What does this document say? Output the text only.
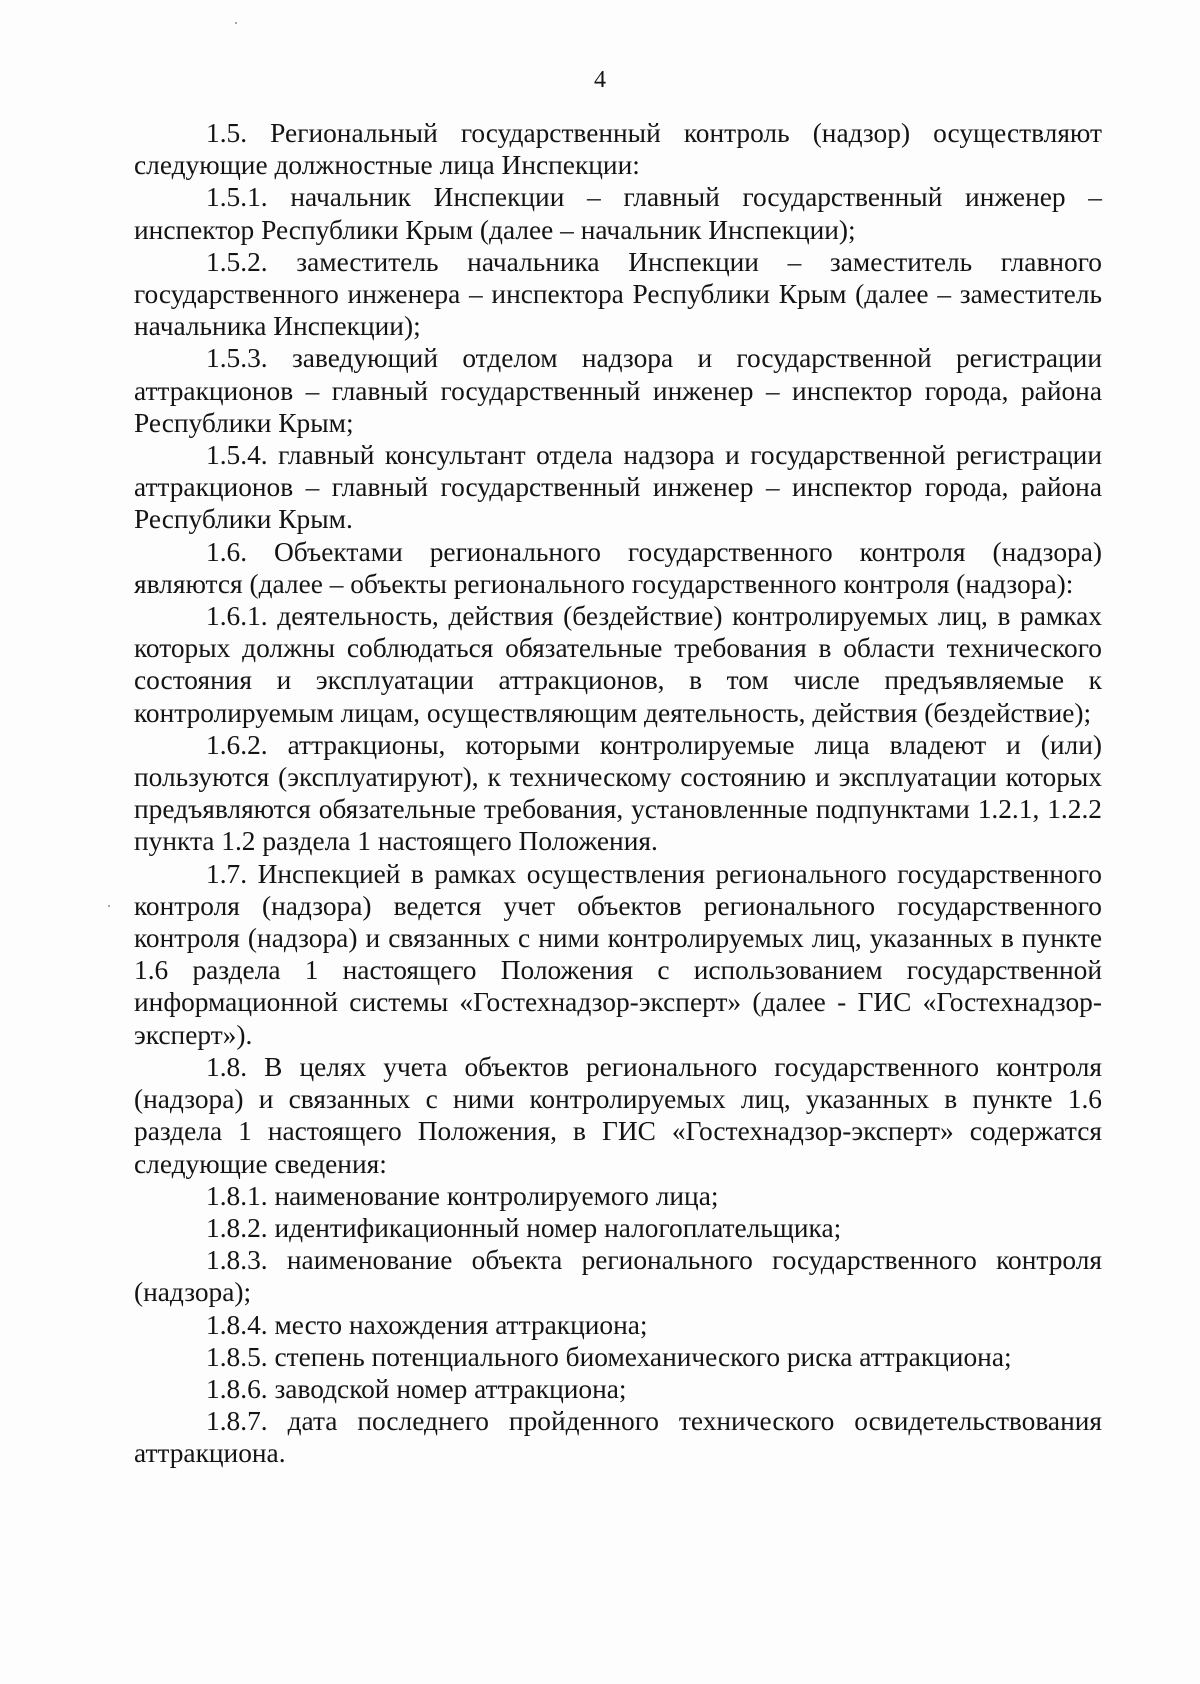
4

1.5. Региональный государственный контроль (надзор) осуществляют следующие должностные лица Инспекции:

1.5.1. начальник Инспекции – главный государственный инженер – инспектор Республики Крым (далее – начальник Инспекции);

1.5.2. заместитель начальника Инспекции – заместитель главного государственного инженера – инспектора Республики Крым (далее – заместитель начальника Инспекции);

1.5.3. заведующий отделом надзора и государственной регистрации аттракционов – главный государственный инженер – инспектор города, района Республики Крым;

1.5.4. главный консультант отдела надзора и государственной регистрации аттракционов – главный государственный инженер – инспектор города, района Республики Крым.

1.6. Объектами регионального государственного контроля (надзора) являются (далее – объекты регионального государственного контроля (надзора):

1.6.1. деятельность, действия (бездействие) контролируемых лиц, в рамках которых должны соблюдаться обязательные требования в области технического состояния и эксплуатации аттракционов, в том числе предъявляемые к контролируемым лицам, осуществляющим деятельность, действия (бездействие);

1.6.2. аттракционы, которыми контролируемые лица владеют и (или) пользуются (эксплуатируют), к техническому состоянию и эксплуатации которых предъявляются обязательные требования, установленные подпунктами 1.2.1, 1.2.2 пункта 1.2 раздела 1 настоящего Положения.

1.7. Инспекцией в рамках осуществления регионального государственного контроля (надзора) ведется учет объектов регионального государственного контроля (надзора) и связанных с ними контролируемых лиц, указанных в пункте 1.6 раздела 1 настоящего Положения с использованием государственной информационной системы «Гостехнадзор-эксперт» (далее - ГИС «Гостехнадзор-эксперт»).

1.8. В целях учета объектов регионального государственного контроля (надзора) и связанных с ними контролируемых лиц, указанных в пункте 1.6 раздела 1 настоящего Положения, в ГИС «Гостехнадзор-эксперт» содержатся следующие сведения:

1.8.1. наименование контролируемого лица;

1.8.2. идентификационный номер налогоплательщика;

1.8.3. наименование объекта регионального государственного контроля (надзора);

1.8.4. место нахождения аттракциона;

1.8.5. степень потенциального биомеханического риска аттракциона;

1.8.6. заводской номер аттракциона;

1.8.7. дата последнего пройденного технического освидетельствования аттракциона.
